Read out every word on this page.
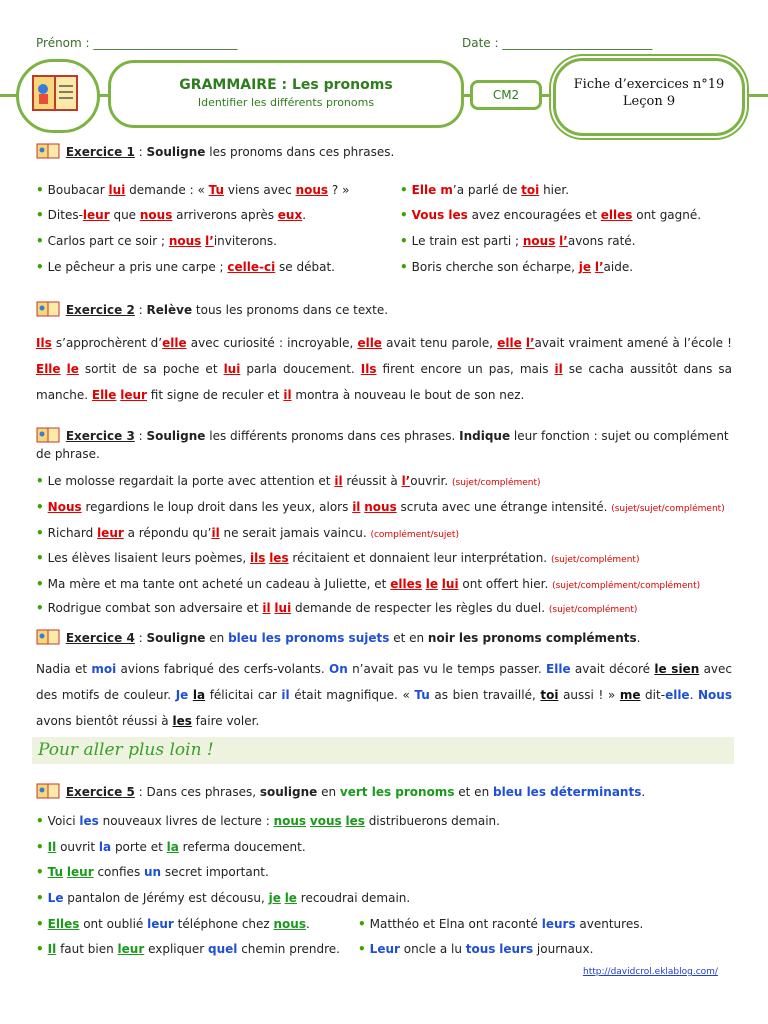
Prénom : ________________________	Date : _________________________
GRAMMAIRE : Les pronoms
Identifier les différents pronoms
CM2
Fiche d’exercices n°19
Leçon 9
Exercice 1 : Souligne les pronoms dans ces phrases.
• Boubacar lui demande : « Tu viens avec nous ? »
• Dites-leur que nous arriverons après eux.
• Carlos part ce soir ; nous l’inviterons.
• Le pêcheur a pris une carpe ; celle-ci se débat.
• Elle m’a parlé de toi hier.
• Vous les avez encouragées et elles ont gagné.
• Le train est parti ; nous l’avons raté.
• Boris cherche son écharpe, je l’aide.
Exercice 2 : Relève tous les pronoms dans ce texte.
Ils s’approchèrent d’elle avec curiosité : incroyable, elle avait tenu parole, elle l’avait vraiment amené à l’école ! Elle le sortit de sa poche et lui parla doucement. Ils firent encore un pas, mais il se cacha aussitôt dans sa manche. Elle leur fit signe de reculer et il montra à nouveau le bout de son nez.
Exercice 3 : Souligne les différents pronoms dans ces phrases. Indique leur fonction : sujet ou complément de phrase.
• Le molosse regardait la porte avec attention et il réussit à l’ouvrir. (sujet/complément)
• Nous regardions le loup droit dans les yeux, alors il nous scruta avec une étrange intensité. (sujet/sujet/complément)
• Richard leur a répondu qu’il ne serait jamais vaincu. (complément/sujet)
• Les élèves lisaient leurs poèmes, ils les récitaient et donnaient leur interprétation. (sujet/complément)
• Ma mère et ma tante ont acheté un cadeau à Juliette, et elles le lui ont offert hier. (sujet/complément/complément)
• Rodrigue combat son adversaire et il lui demande de respecter les règles du duel. (sujet/complément)
Exercice 4 : Souligne en bleu les pronoms sujets et en noir les pronoms compléments.
Nadia et moi avions fabriqué des cerfs-volants. On n’avait pas vu le temps passer. Elle avait décoré le sien avec des motifs de couleur. Je la félicitai car il était magnifique. « Tu as bien travaillé, toi aussi ! » me dit-elle. Nous avons bientôt réussi à les faire voler.
Pour aller plus loin !
Exercice 5 : Dans ces phrases, souligne en vert les pronoms et en bleu les déterminants.
• Voici les nouveaux livres de lecture : nous vous les distribuerons demain.
• Il ouvrit la porte et la referma doucement.
• Tu leur confies un secret important.
• Le pantalon de Jérémy est décousu, je le recoudrai demain.
• Elles ont oublié leur téléphone chez nous.
• Il faut bien leur expliquer quel chemin prendre.
• Matthéo et Elna ont raconté leurs aventures.
• Leur oncle a lu tous leurs journaux.
http://davidcrol.eklablog.com/
